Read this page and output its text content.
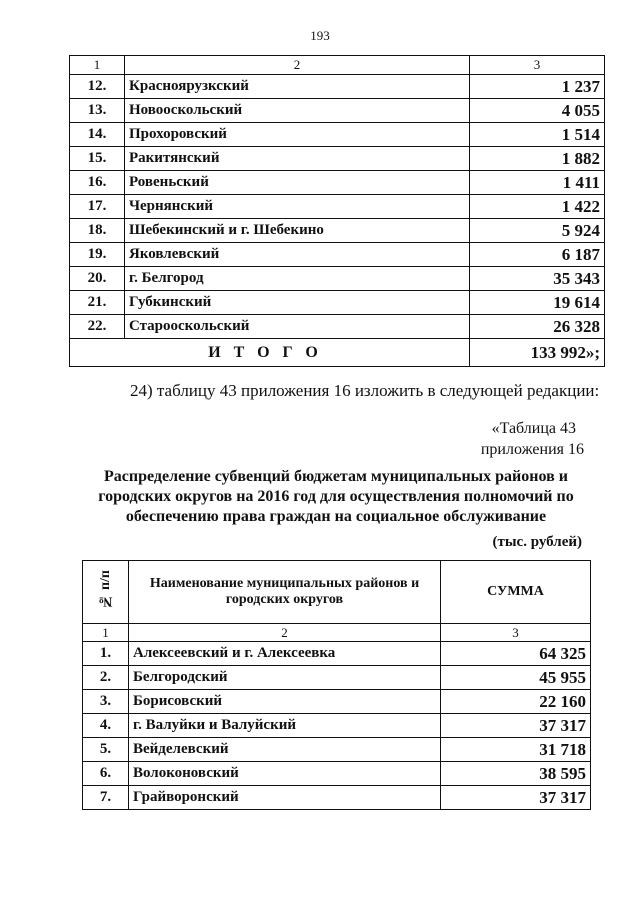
193
1	2	3
12.	Красноярузкский	1 237
13.	Новооскольский	4 055
14.	Прохоровский	1 514
15.	Ракитянский	1 882
16.	Ровеньский	1 411
17.	Чернянский	1 422
18.	Шебекинский и г. Шебекино	5 924
19.	Яковлевский	6 187
20.	г. Белгород	35 343
21.	Губкинский	19 614
22.	Старооскольский	26 328
ИТОГО		133 992»;
24) таблицу 43 приложения 16 изложить в следующей редакции:
«Таблица 43
приложения 16
Распределение субвенций бюджетам муниципальных районов и
городских округов на 2016 год для осуществления полномочий по
обеспечению права граждан на социальное обслуживание
(тыс. рублей)
№ п/п	Наименование муниципальных районов и городских округов	СУММА
1	2	3
1.	Алексеевский и г. Алексеевка	64 325
2.	Белгородский	45 955
3.	Борисовский	22 160
4.	г. Валуйки и Валуйский	37 317
5.	Вейделевский	31 718
6.	Волоконовский	38 595
7.	Грайворонский	37 317
